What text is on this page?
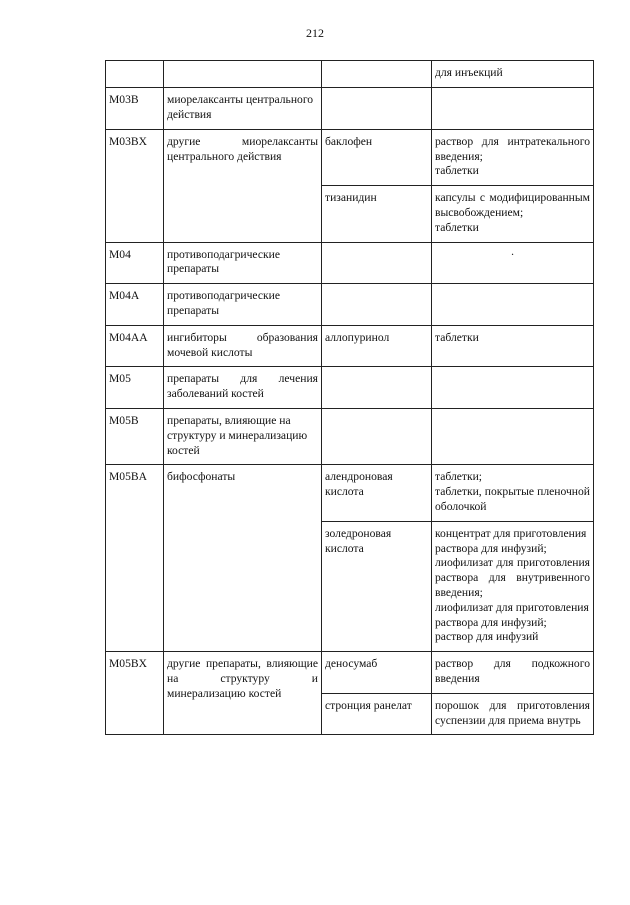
212

			для инъекций

M03B	миорелаксанты центрального действия		
M03BX	другие миорелаксанты центрального действия	баклофен	раствор для интратекального введения;
таблетки

		тизанидин	капсулы с модифицированным высвобождением;
таблетки

M04	противоподагрические препараты		·

M04A	противоподагрические препараты		
M04AA	ингибиторы образования мочевой кислоты	аллопуринол	таблетки

M05	препараты для лечения заболеваний костей		
M05B	препараты, влияющие на структуру и минерализацию костей		
M05BA	бифосфонаты	алендроновая кислота	таблетки;
таблетки, покрытые пленочной оболочкой

		золедроновая кислота	концентрат для приготовления раствора для инфузий;
лиофилизат для приготовления раствора для внутривенного введения;
лиофилизат для приготовления раствора для инфузий;
раствор для инфузий

M05BX	другие препараты, влияющие на структуру и минерализацию костей	деносумаб	раствор для подкожного введения

		стронция ранелат	порошок для приготовления суспензии для приема внутрь
